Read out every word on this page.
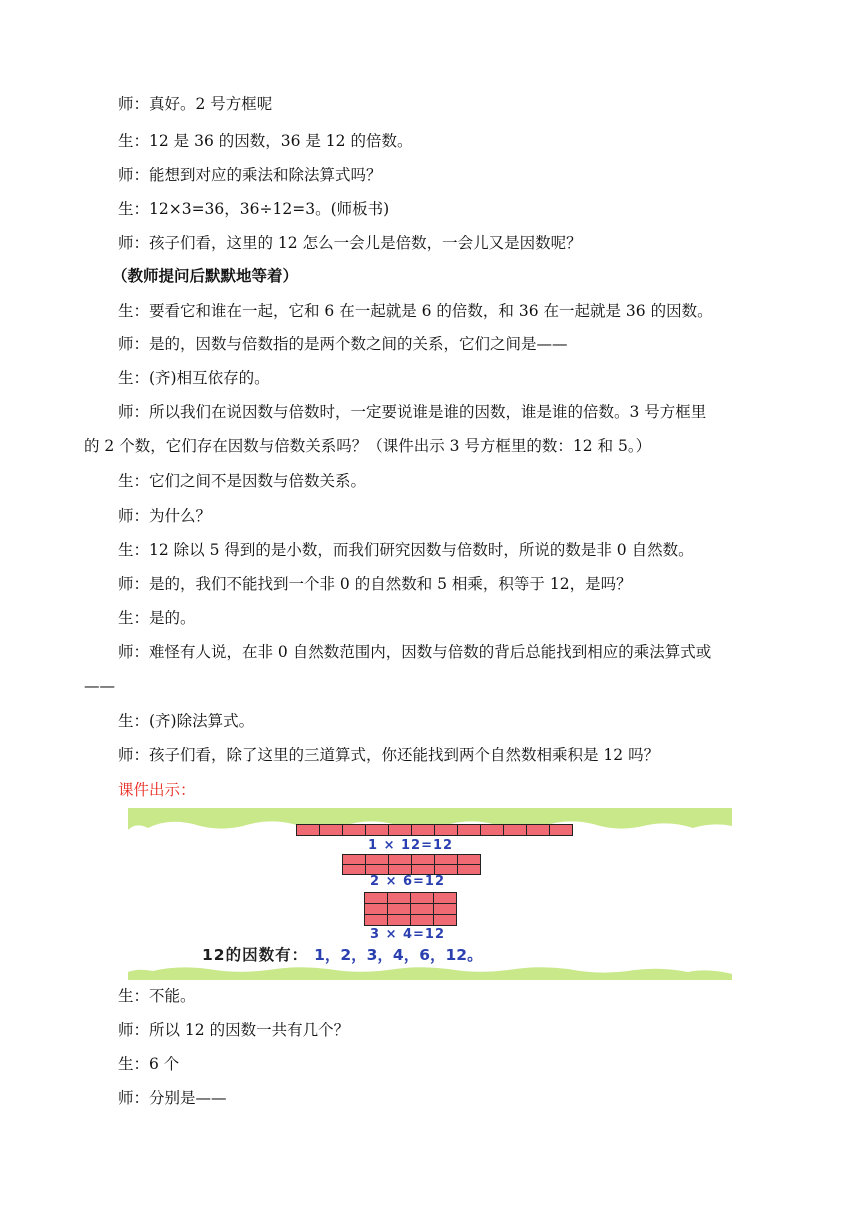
师：真好。2 号方框呢
生：12 是 36 的因数，36 是 12 的倍数。
师：能想到对应的乘法和除法算式吗？
生：12×3=36，36÷12=3。(师板书)
师：孩子们看，这里的 12 怎么一会儿是倍数，一会儿又是因数呢？
（教师提问后默默地等着）
生：要看它和谁在一起，它和 6 在一起就是 6 的倍数，和 36 在一起就是 36 的因数。
师：是的，因数与倍数指的是两个数之间的关系，它们之间是——
生：(齐)相互依存的。
师：所以我们在说因数与倍数时，一定要说谁是谁的因数，谁是谁的倍数。3 号方框里
的 2 个数，它们存在因数与倍数关系吗？（课件出示 3 号方框里的数：12 和 5。）
生：它们之间不是因数与倍数关系。
师：为什么？
生：12 除以 5 得到的是小数，而我们研究因数与倍数时，所说的数是非 0 自然数。
师：是的，我们不能找到一个非 0 的自然数和 5 相乘，积等于 12，是吗？
生：是的。
师：难怪有人说，在非 0 自然数范围内，因数与倍数的背后总能找到相应的乘法算式或
——
生：(齐)除法算式。
师：孩子们看，除了这里的三道算式，你还能找到两个自然数相乘积是 12 吗？
课件出示：
1 × 12=12
2 × 6=12
3 × 4=12
12的因数有： 1，2，3，4，6，12。
生：不能。
师：所以 12 的因数一共有几个？
生：6 个
师：分别是——
